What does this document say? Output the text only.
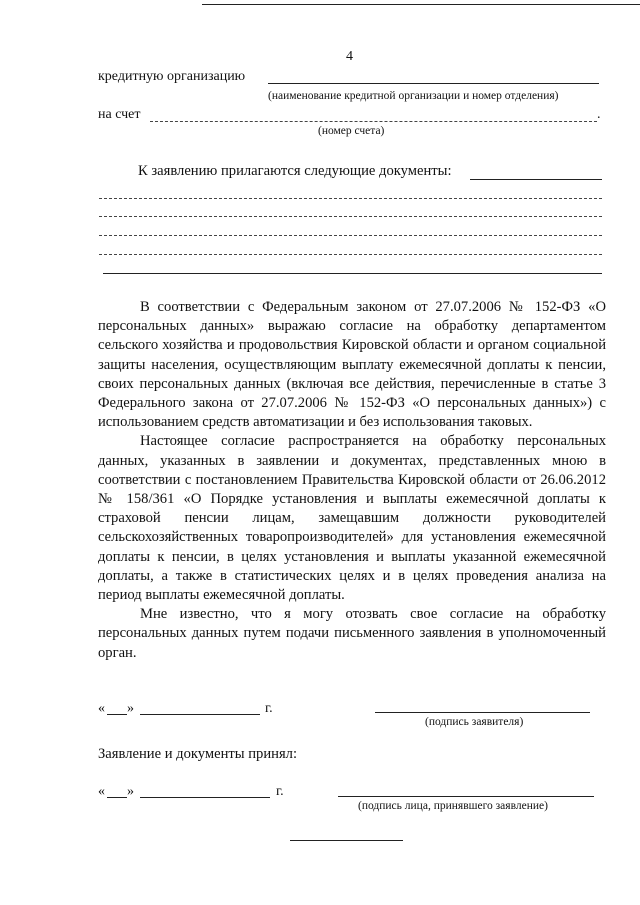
4
кредитную организацию
(наименование кредитной организации и номер отделения)
на счет	.
(номер счета)
К заявлению прилагаются следующие документы:

В соответствии с Федеральным законом от 27.07.2006 № 152-ФЗ «О персональных данных» выражаю согласие на обработку департаментом сельского хозяйства и продовольствия Кировской области и органом социальной защиты населения, осуществляющим выплату ежемесячной доплаты к пенсии, своих персональных данных (включая все действия, перечисленные в статье 3 Федерального закона от 27.07.2006 № 152-ФЗ «О персональных данных») с использованием средств автоматизации и без использования таковых.

Настоящее согласие распространяется на обработку персональных данных, указанных в заявлении и документах, представленных мною в соответствии с постановлением Правительства Кировской области от 26.06.2012 № 158/361 «О Порядке установления и выплаты ежемесячной доплаты к страховой пенсии лицам, замещавшим должности руководителей сельскохозяйственных товаропроизводителей» для установления ежемесячной доплаты к пенсии, в целях установления и выплаты указанной ежемесячной доплаты, а также в статистических целях и в целях проведения анализа на период выплаты ежемесячной доплаты.

Мне известно, что я могу отозвать свое согласие на обработку персональных данных путем подачи письменного заявления в уполномоченный орган.

« »	г.
(подпись заявителя)
Заявление и документы принял:
« »	г.
(подпись лица, принявшего заявление)
